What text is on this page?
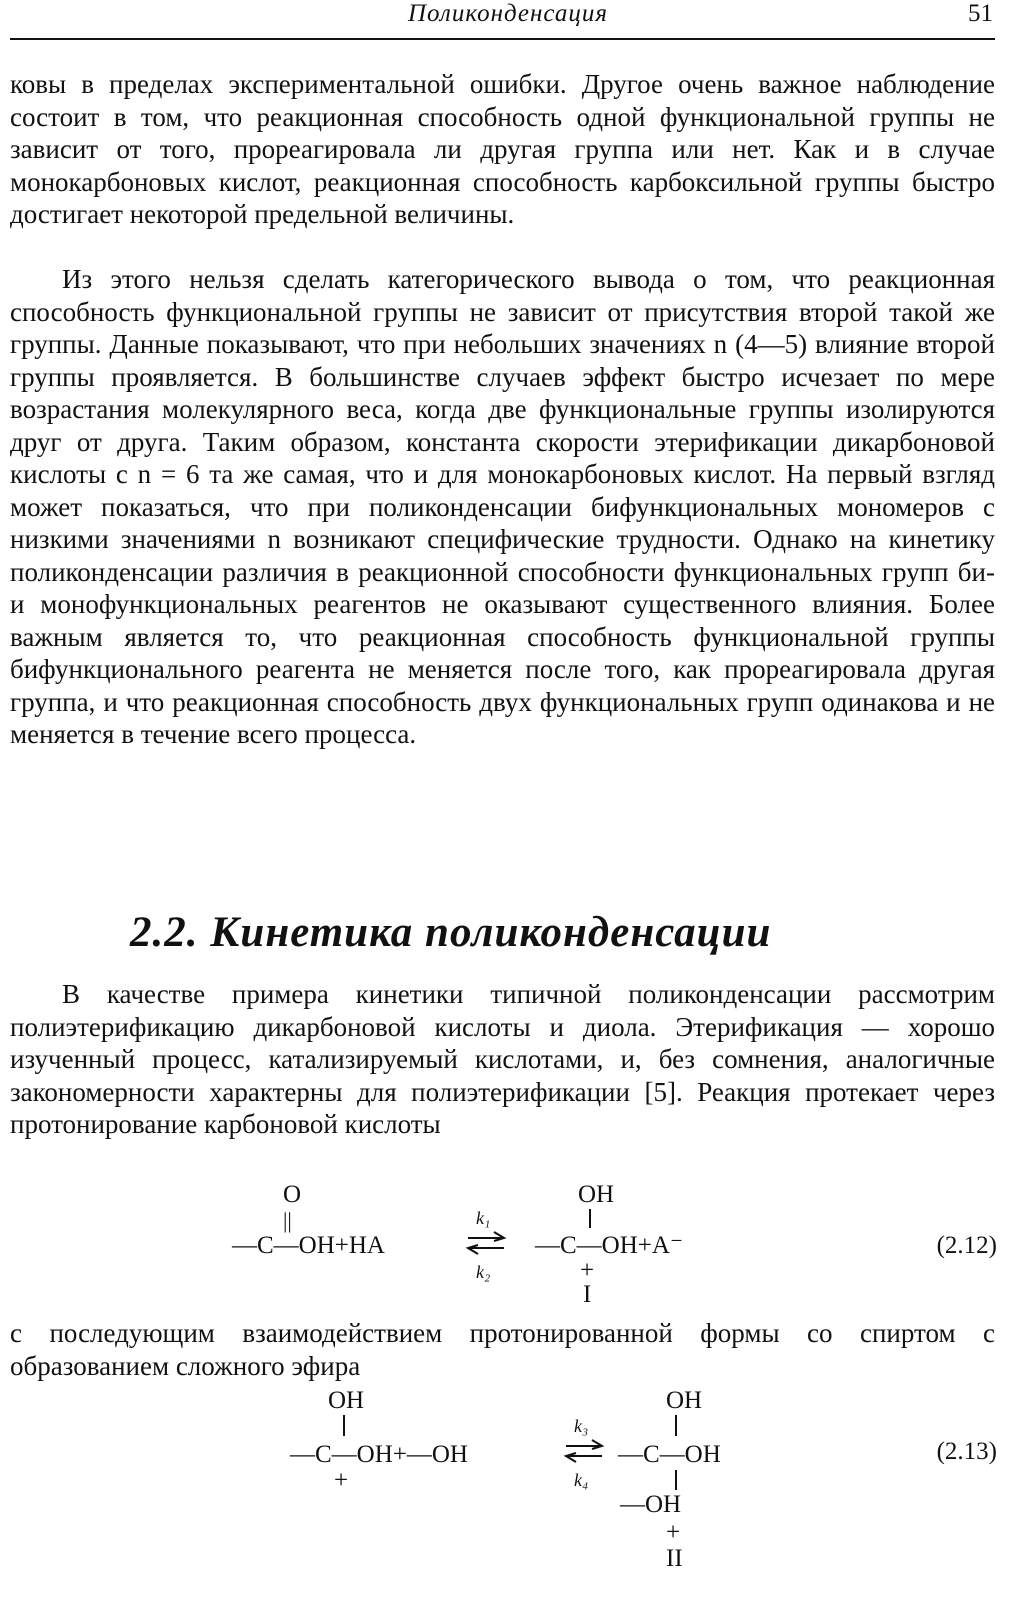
Поликонденсация	51
ковы в пределах экспериментальной ошибки. Другое очень важное наблюдение состоит в том, что реакционная способность одной функциональной группы не зависит от того, прореагировала ли другая группа или нет. Как и в случае монокарбоновых кислот, реакционная способность карбоксильной группы быстро достигает некоторой предельной величины.
Из этого нельзя сделать категорического вывода о том, что реакционная способность функциональной группы не зависит от присутствия второй такой же группы. Данные показывают, что при небольших значениях n (4—5) влияние второй группы проявляется. В большинстве случаев эффект быстро исчезает по мере возрастания молекулярного веса, когда две функциональные группы изолируются друг от друга. Таким образом, константа скорости этерификации дикарбоновой кислоты с n = 6 та же самая, что и для монокарбоновых кислот. На первый взгляд может показаться, что при поликонденсации бифункциональных мономеров с низкими значениями n возникают специфические трудности. Однако на кинетику поликонденсации различия в реакционной способности функциональных групп би- и монофункциональных реагентов не оказывают существенного влияния. Более важным является то, что реакционная способность функциональной группы бифункционального реагента не меняется после того, как прореагировала другая группа, и что реакционная способность двух функциональных групп одинакова и не меняется в течение всего процесса.
2.2. Кинетика поликонденсации
В качестве примера кинетики типичной поликонденсации рассмотрим полиэтерификацию дикарбоновой кислоты и диола. Этерификация — хорошо изученный процесс, катализируемый кислотами, и, без сомнения, аналогичные закономерности характерны для полиэтерификации [5]. Реакция протекает через протонирование карбоновой кислоты
O
||
—C—OH+HA
k₁
k₂
OH
—C—OH+A⁻
+
I
OH
—C—OH+—OH
+
k₃
k₄
OH
—C—OH
—OH
+
II
(2.12)
с последующим взаимодействием протонированной формы со спиртом с образованием сложного эфира
(2.13)
